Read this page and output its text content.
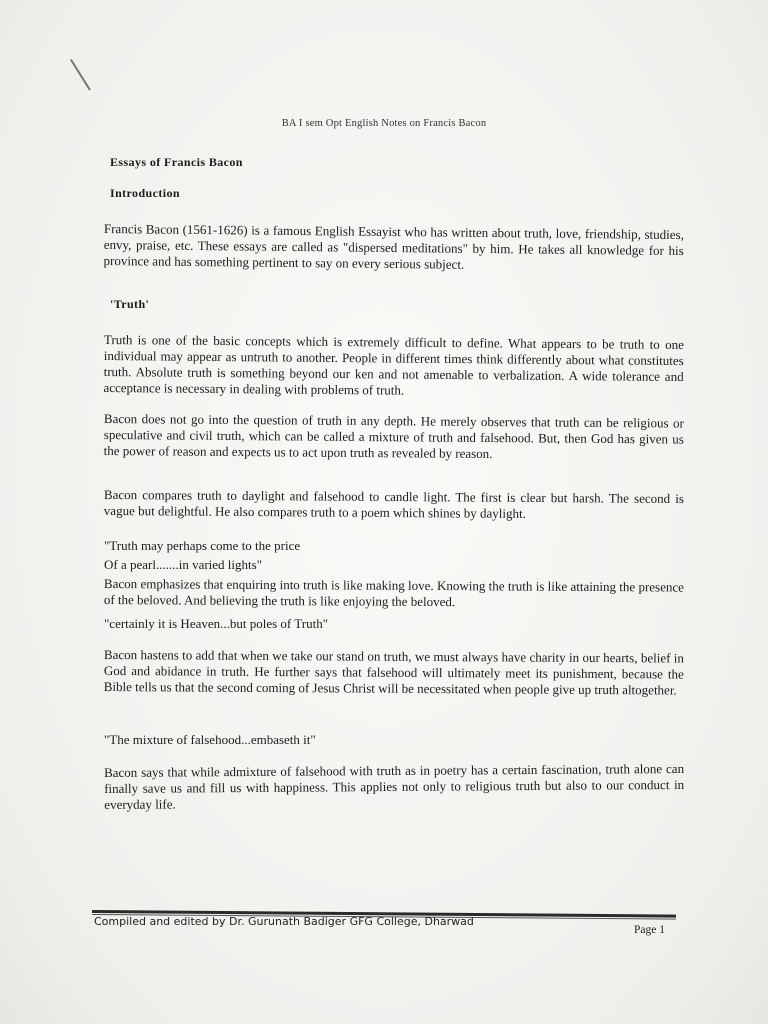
BA I sem Opt English Notes on Francis Bacon
Essays of Francis Bacon
Introduction
Francis Bacon (1561-1626) is a famous English Essayist who has written about truth, love, friendship, studies, envy, praise, etc. These essays are called as "dispersed meditations" by him. He takes all knowledge for his province and has something pertinent to say on every serious subject.
'Truth'
Truth is one of the basic concepts which is extremely difficult to define. What appears to be truth to one individual may appear as untruth to another. People in different times think differently about what constitutes truth. Absolute truth is something beyond our ken and not amenable to verbalization. A wide tolerance and acceptance is necessary in dealing with problems of truth.
Bacon does not go into the question of truth in any depth. He merely observes that truth can be religious or speculative and civil truth, which can be called a mixture of truth and falsehood. But, then God has given us the power of reason and expects us to act upon truth as revealed by reason.
Bacon compares truth to daylight and falsehood to candle light. The first is clear but harsh. The second is vague but delightful. He also compares truth to a poem which shines by daylight.
"Truth may perhaps come to the price
Of a pearl.......in varied lights"
Bacon emphasizes that enquiring into truth is like making love. Knowing the truth is like attaining the presence of the beloved. And believing the truth is like enjoying the beloved.
"certainly it is Heaven...but poles of Truth"
Bacon hastens to add that when we take our stand on truth, we must always have charity in our hearts, belief in God and abidance in truth. He further says that falsehood will ultimately meet its punishment, because the Bible tells us that the second coming of Jesus Christ will be necessitated when people give up truth altogether.
"The mixture of falsehood...embaseth it"
Bacon says that while admixture of falsehood with truth as in poetry has a certain fascination, truth alone can finally save us and fill us with happiness. This applies not only to religious truth but also to our conduct in everyday life.
Compiled and edited by Dr. Gurunath Badiger GFG College, Dharwad
Page 1
